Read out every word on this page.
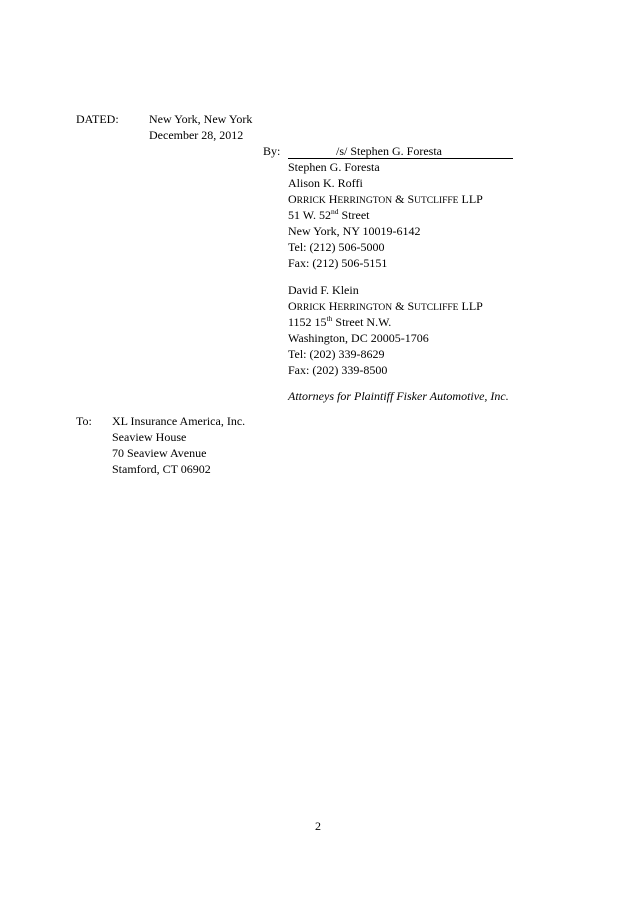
DATED:	New York, New York
December 28, 2012
By:	/s/ Stephen G. Foresta
Stephen G. Foresta
Alison K. Roffi
ORRICK HERRINGTON & SUTCLIFFE LLP
51 W. 52nd Street
New York, NY 10019-6142
Tel: (212) 506-5000
Fax: (212) 506-5151
David F. Klein
ORRICK HERRINGTON & SUTCLIFFE LLP
1152 15th Street N.W.
Washington, DC 20005-1706
Tel: (202) 339-8629
Fax: (202) 339-8500
Attorneys for Plaintiff Fisker Automotive, Inc.
To: XL Insurance America, Inc.
Seaview House
70 Seaview Avenue
Stamford, CT 06902
2
